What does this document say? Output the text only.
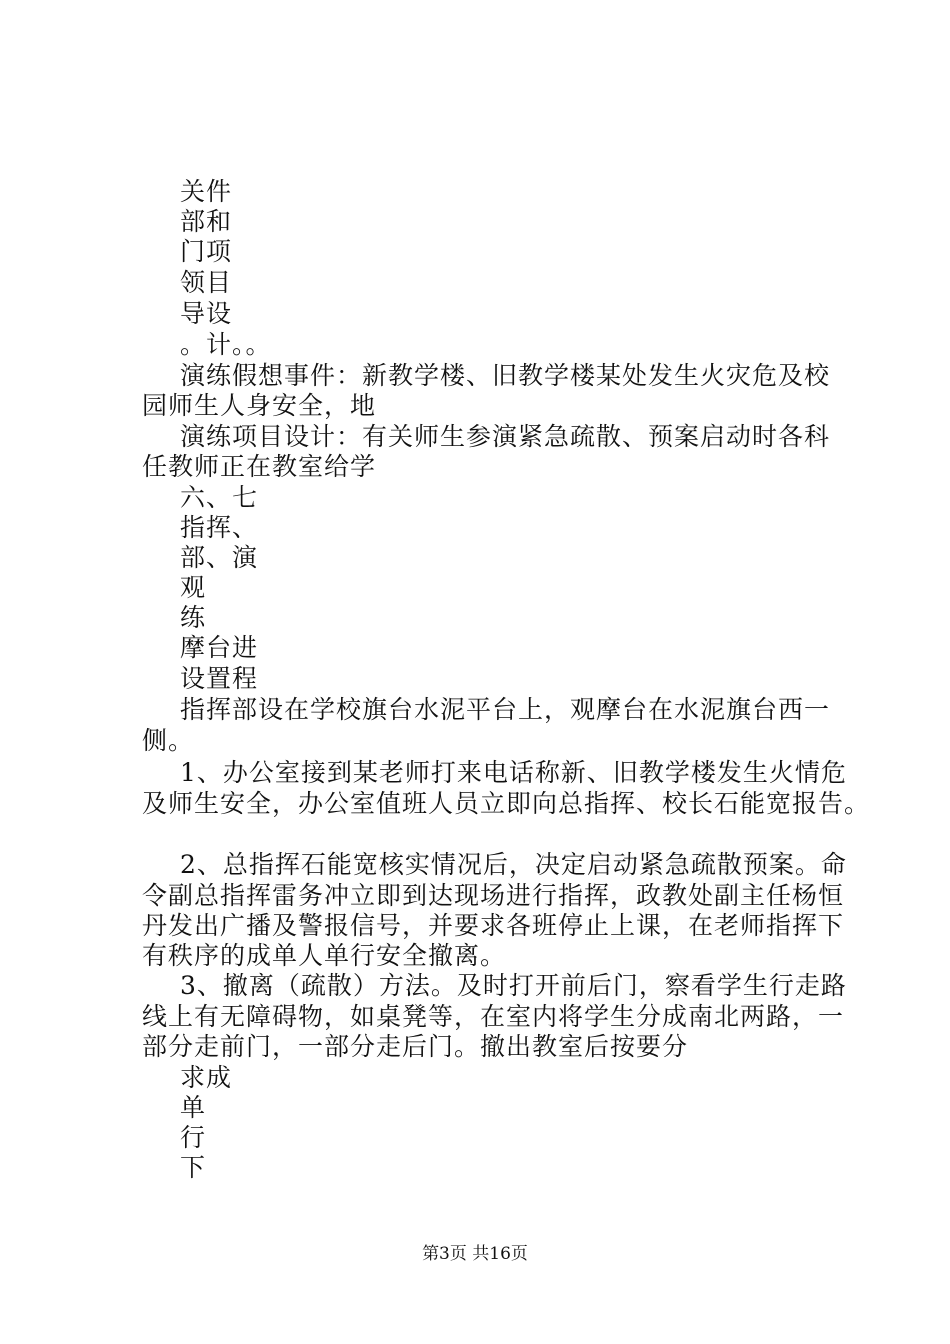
关件
部和
门项
领目
导设
。计。。
演练假想事件：新教学楼、旧教学楼某处发生火灾危及校
园师生人身安全，地
演练项目设计：有关师生参演紧急疏散、预案启动时各科
任教师正在教室给学
六、七
指挥、
部、演
观
练
摩台进
设置程
指挥部设在学校旗台水泥平台上，观摩台在水泥旗台西一
侧。
1、办公室接到某老师打来电话称新、旧教学楼发生火情危
及师生安全，办公室值班人员立即向总指挥、校长石能宽报告。
2、总指挥石能宽核实情况后，决定启动紧急疏散预案。命
令副总指挥雷务冲立即到达现场进行指挥，政教处副主任杨恒
丹发出广播及警报信号，并要求各班停止上课，在老师指挥下
有秩序的成单人单行安全撤离。
3、撤离（疏散）方法。及时打开前后门，察看学生行走路
线上有无障碍物，如桌凳等，在室内将学生分成南北两路，一
部分走前门，一部分走后门。撤出教室后按要分
求成
单
行
下
第3页 共16页
